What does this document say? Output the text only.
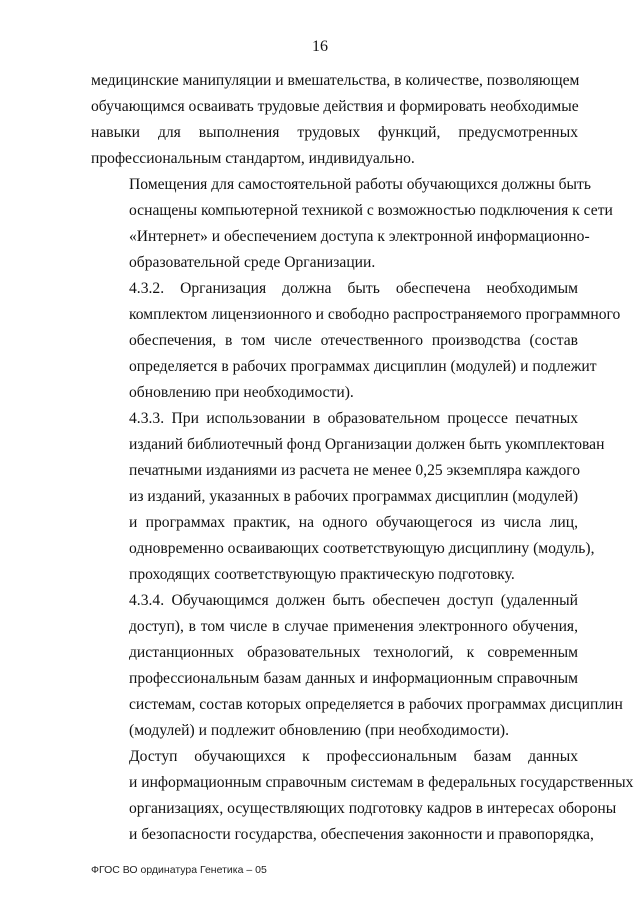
16

медицинские манипуляции и вмешательства, в количестве, позволяющем
обучающимся осваивать трудовые действия и формировать необходимые
навыки для выполнения трудовых функций, предусмотренных
профессиональным стандартом, индивидуально.

Помещения для самостоятельной работы обучающихся должны быть
оснащены компьютерной техникой с возможностью подключения к сети
«Интернет» и обеспечением доступа к электронной информационно-
образовательной среде Организации.

4.3.2. Организация должна быть обеспечена необходимым
комплектом лицензионного и свободно распространяемого программного
обеспечения, в том числе отечественного производства (состав
определяется в рабочих программах дисциплин (модулей) и подлежит
обновлению при необходимости).

4.3.3. При использовании в образовательном процессе печатных
изданий библиотечный фонд Организации должен быть укомплектован
печатными изданиями из расчета не менее 0,25 экземпляра каждого
из изданий, указанных в рабочих программах дисциплин (модулей)
и программах практик, на одного обучающегося из числа лиц,
одновременно осваивающих соответствующую дисциплину (модуль),
проходящих соответствующую практическую подготовку.

4.3.4. Обучающимся должен быть обеспечен доступ (удаленный
доступ), в том числе в случае применения электронного обучения,
дистанционных образовательных технологий, к современным
профессиональным базам данных и информационным справочным
системам, состав которых определяется в рабочих программах дисциплин
(модулей) и подлежит обновлению (при необходимости).

Доступ обучающихся к профессиональным базам данных
и информационным справочным системам в федеральных государственных
организациях, осуществляющих подготовку кадров в интересах обороны
и безопасности государства, обеспечения законности и правопорядка,

ФГОС ВО ординатура Генетика – 05
